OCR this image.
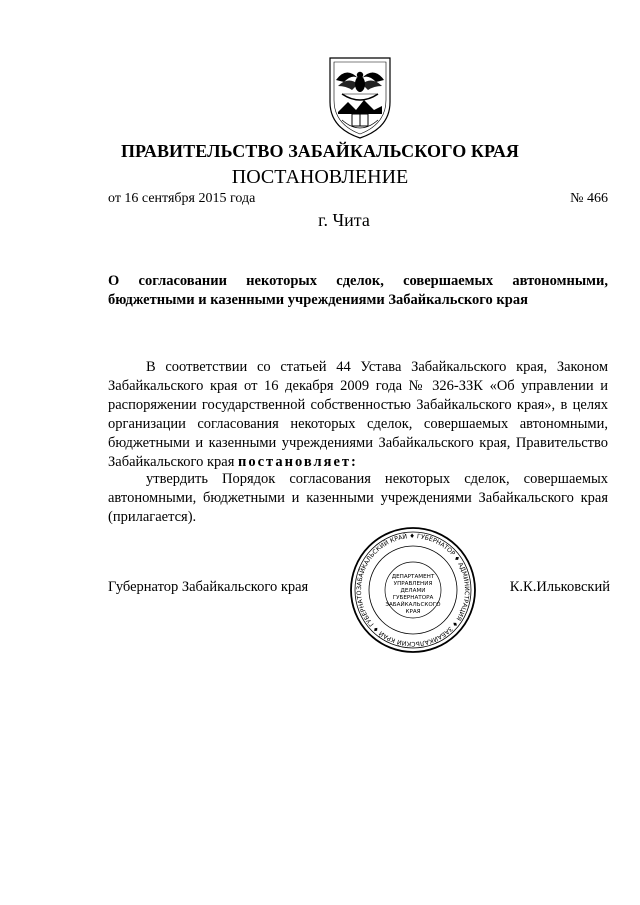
ПРАВИТЕЛЬСТВО ЗАБАЙКАЛЬСКОГО КРАЯ
ПОСТАНОВЛЕНИЕ
от 16 сентября 2015 года	№ 466
г. Чита
О согласовании некоторых сделок, совершаемых автономными, бюджетными и казенными учреждениями Забайкальского края
В соответствии со статьей 44 Устава Забайкальского края, Законом Забайкальского края от 16 декабря 2009 года № 326-ЗЗК «Об управлении и распоряжении государственной собственностью Забайкальского края», в целях организации согласования некоторых сделок, совершаемых автономными, бюджетными и казенными учреждениями Забайкальского края, Правительство Забайкальского края постановляет:
утвердить Порядок согласования некоторых сделок, совершаемых автономными, бюджетными и казенными учреждениями Забайкальского края (прилагается).
Губернатор Забайкальского края	ЗАБАЙКАЛЬСКИЙ КРАЙ ♦ ГУБЕРНАТОР ♦ АДМИНИСТРАЦИЯ ♦ ЗАБАЙКАЛЬСКИЙ КРАЙ ♦ ГУБЕРНАТО
ДЕПАРТАМЕНТ
УПРАВЛЕНИЯ
ДЕЛАМИ
ГУБЕРНАТОРА
ЗАБАЙКАЛЬСКОГО
КРАЯ
К.К.Ильковский
